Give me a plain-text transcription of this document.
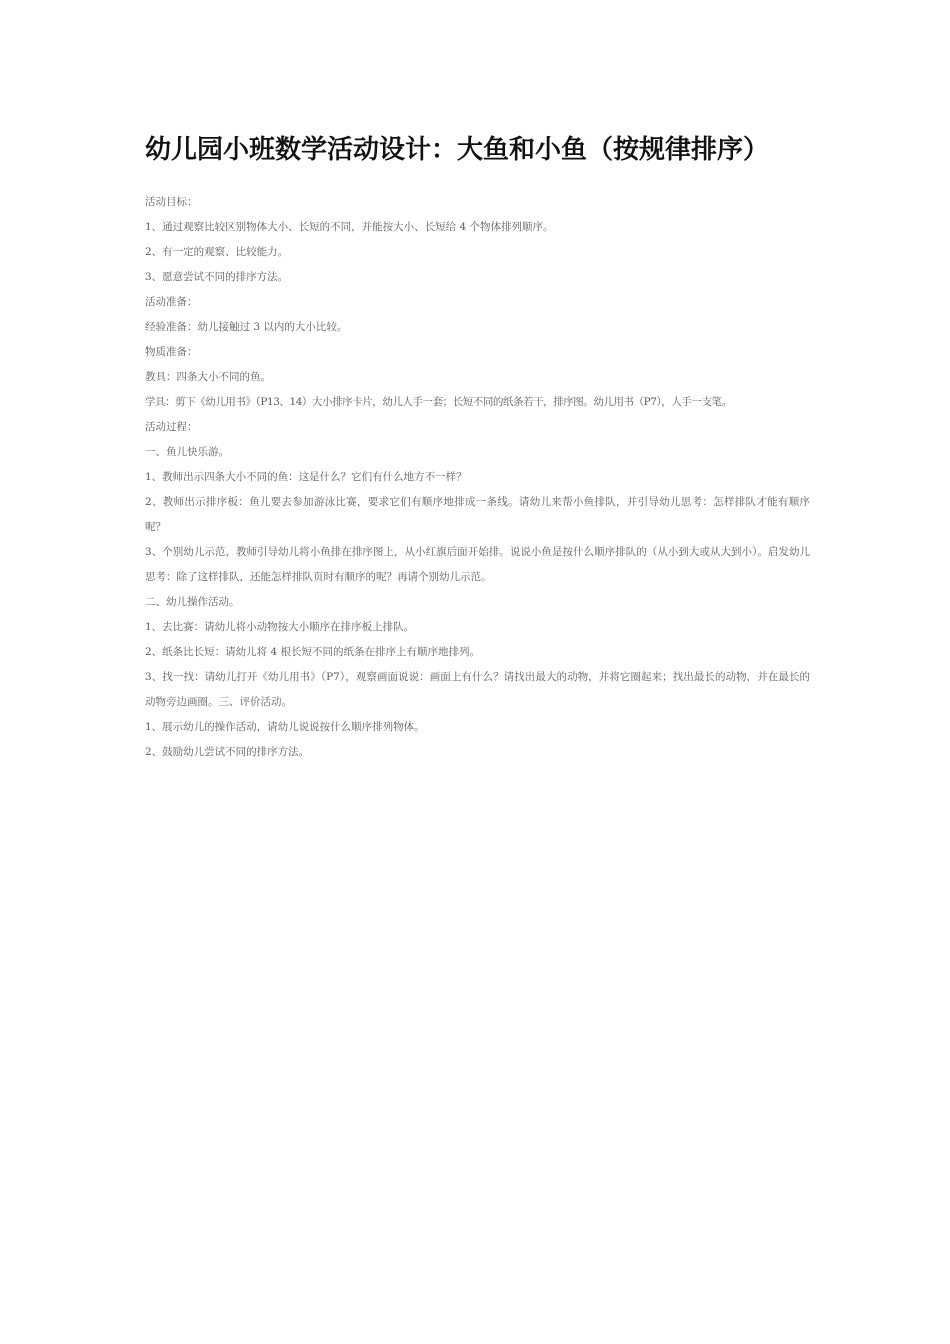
幼儿园小班数学活动设计：大鱼和小鱼（按规律排序）

活动目标：

1、通过观察比较区别物体大小、长短的不同，并能按大小、长短给 4 个物体排列顺序。

2、有一定的观察、比较能力。

3、愿意尝试不同的排序方法。

活动准备：

经验准备：幼儿接触过 3 以内的大小比较。

物质准备：

教具：四条大小不同的鱼。

学具：剪下《幼儿用书》（P13、14）大小排序卡片，幼儿人手一套；长短不同的纸条若干，排序图。幼儿用书（P7），人手一支笔。

活动过程：

一、鱼儿快乐游。

1、教师出示四条大小不同的鱼：这是什么？它们有什么地方不一样？

2、教师出示排序板：鱼儿要去参加游泳比赛，要求它们有顺序地排成一条线。请幼儿来帮小鱼排队，并引导幼儿思考：怎样排队才能有顺序呢？

3、个别幼儿示范，教师引导幼儿将小鱼排在排序图上，从小红旗后面开始排。说说小鱼是按什么顺序排队的（从小到大或从大到小）。启发幼儿思考：除了这样排队，还能怎样排队页时有顺序的呢？再请个别幼儿示范。

二、幼儿操作活动。

1、去比赛：请幼儿将小动物按大小顺序在排序板上排队。

2、纸条比长短：请幼儿将 4 根长短不同的纸条在排序上有顺序地排列。

3、找一找：请幼儿打开《幼儿用书》（P7），观察画面说说：画面上有什么？请找出最大的动物，并将它圈起来；找出最长的动物，并在最长的动物旁边画圈。三、评价活动。

1、展示幼儿的操作活动，请幼儿说说按什么顺序排列物体。

2、鼓励幼儿尝试不同的排序方法。
